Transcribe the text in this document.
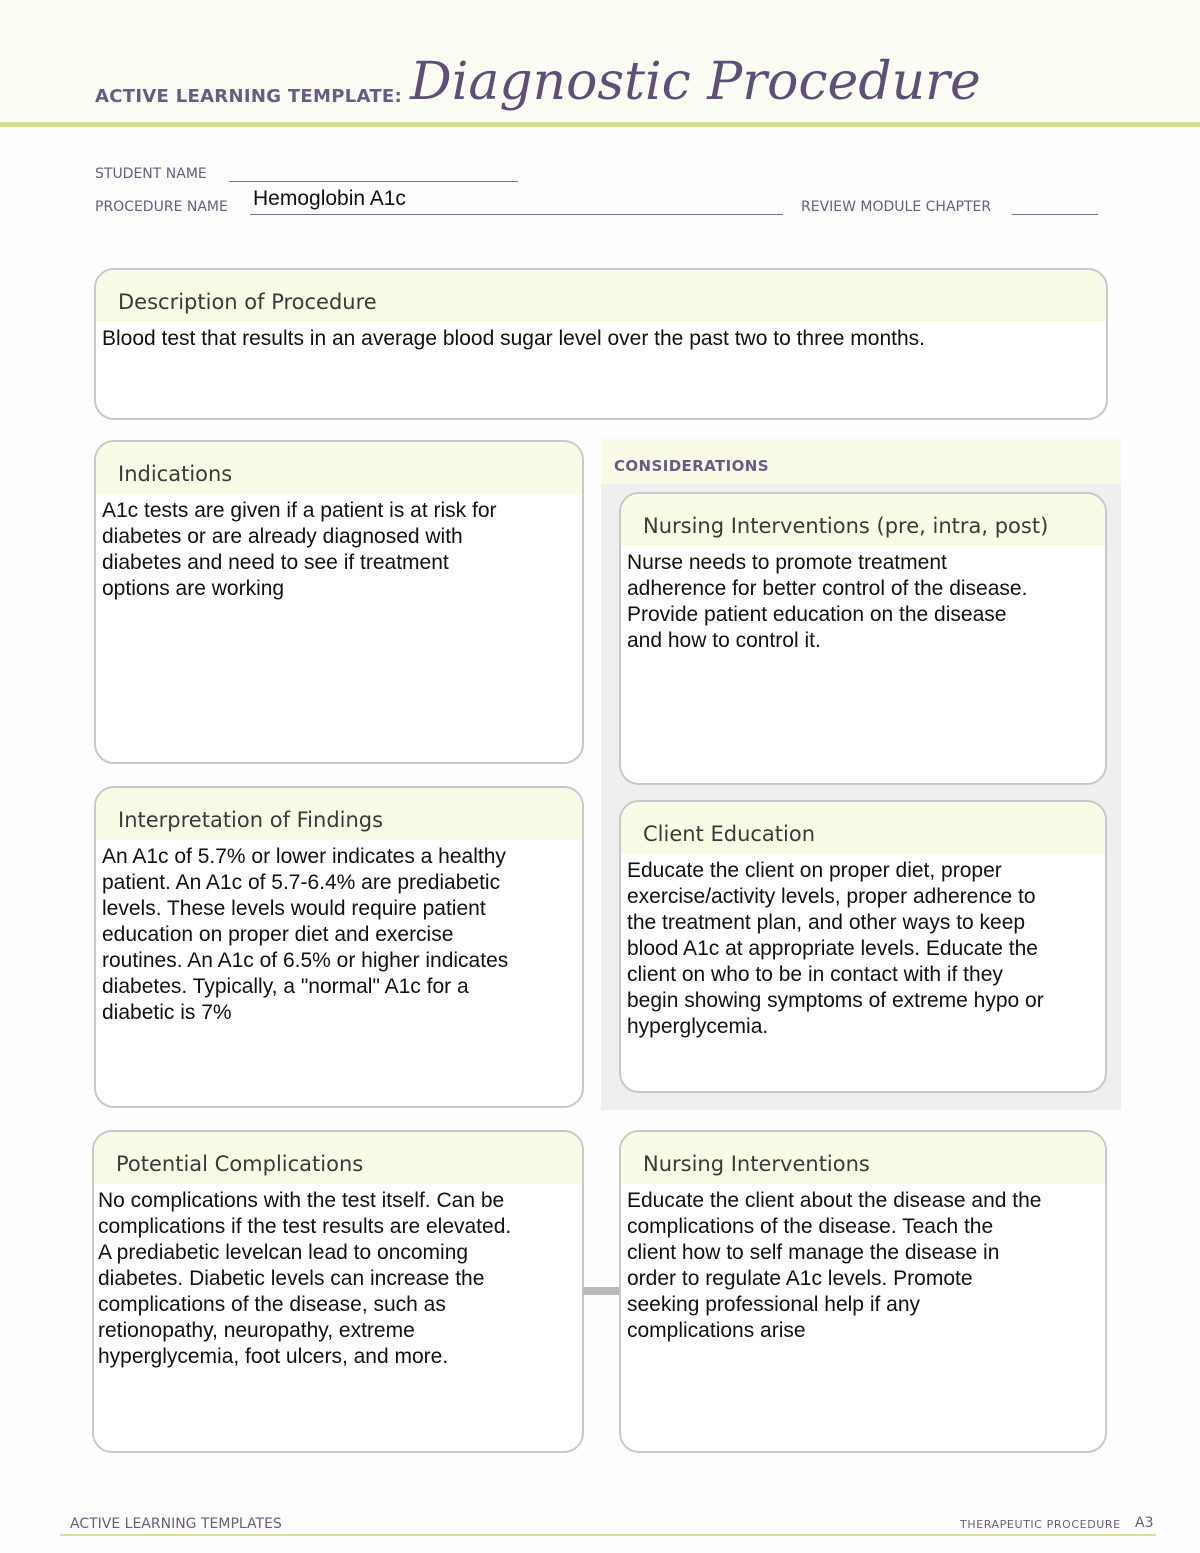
ACTIVE LEARNING TEMPLATE: Diagnostic Procedure
STUDENT NAME
PROCEDURE NAME Hemoglobin A1c	REVIEW MODULE CHAPTER
Description of Procedure
Blood test that results in an average blood sugar level over the past two to three months.
CONSIDERATIONS
Indications
A1c tests are given if a patient is at risk for
diabetes or are already diagnosed with
diabetes and need to see if treatment
options are working
Nursing Interventions (pre, intra, post)
Nurse needs to promote treatment
adherence for better control of the disease.
Provide patient education on the disease
and how to control it.
Interpretation of Findings
An A1c of 5.7% or lower indicates a healthy
patient. An A1c of 5.7-6.4% are prediabetic
levels. These levels would require patient
education on proper diet and exercise
routines. An A1c of 6.5% or higher indicates
diabetes. Typically, a "normal" A1c for a
diabetic is 7%
Client Education
Educate the client on proper diet, proper
exercise/activity levels, proper adherence to
the treatment plan, and other ways to keep
blood A1c at appropriate levels. Educate the
client on who to be in contact with if they
begin showing symptoms of extreme hypo or
hyperglycemia.
Potential Complications
No complications with the test itself. Can be
complications if the test results are elevated.
A prediabetic levelcan lead to oncoming
diabetes. Diabetic levels can increase the
complications of the disease, such as
retionopathy, neuropathy, extreme
hyperglycemia, foot ulcers, and more.
Nursing Interventions
Educate the client about the disease and the
complications of the disease. Teach the
client how to self manage the disease in
order to regulate A1c levels. Promote
seeking professional help if any
complications arise
ACTIVE LEARNING TEMPLATES	THERAPEUTIC PROCEDURE A3
